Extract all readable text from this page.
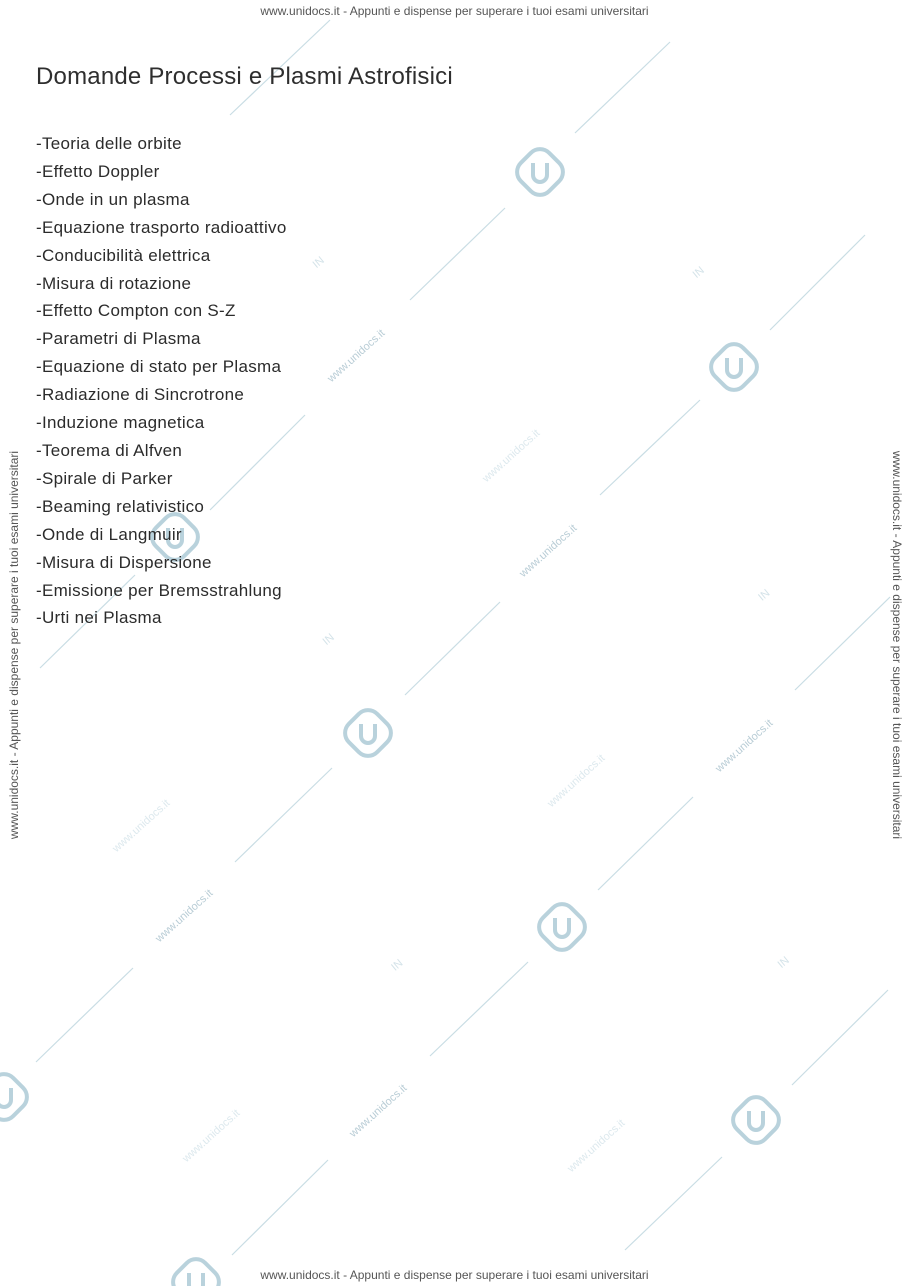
IN
IN
IN
IN
IN	IN
www.unidocs.it
www.unidocs.it
www.unidocs.it
www.unidocs.it
www.unidocs.it
www.unidocs.it
www.unidocs.it
www.unidocs.it
www.unidocs.it
www.unidocs.it
www.unidocs.it - Appunti e dispense per superare i tuoi esami universitari
www.unidocs.it - Appunti e dispense per superare i tuoi esami universitari
www.unidocs.it - Appunti e dispense per superare i tuoi esami universitari	www.unidocs.it - Appunti e dispense per superare i tuoi esami universitari
Domande Processi e Plasmi Astrofisici
-Teoria delle orbite
-Effetto Doppler
-Onde in un plasma
-Equazione trasporto radioattivo
-Conducibilità elettrica
-Misura di rotazione
-Effetto Compton con S-Z
-Parametri di Plasma
-Equazione di stato per Plasma
-Radiazione di Sincrotrone
-Induzione magnetica
-Teorema di Alfven
-Spirale di Parker
-Beaming relativistico
-Onde di Langmuir
-Misura di Dispersione
-Emissione per Bremsstrahlung
-Urti nei Plasma
